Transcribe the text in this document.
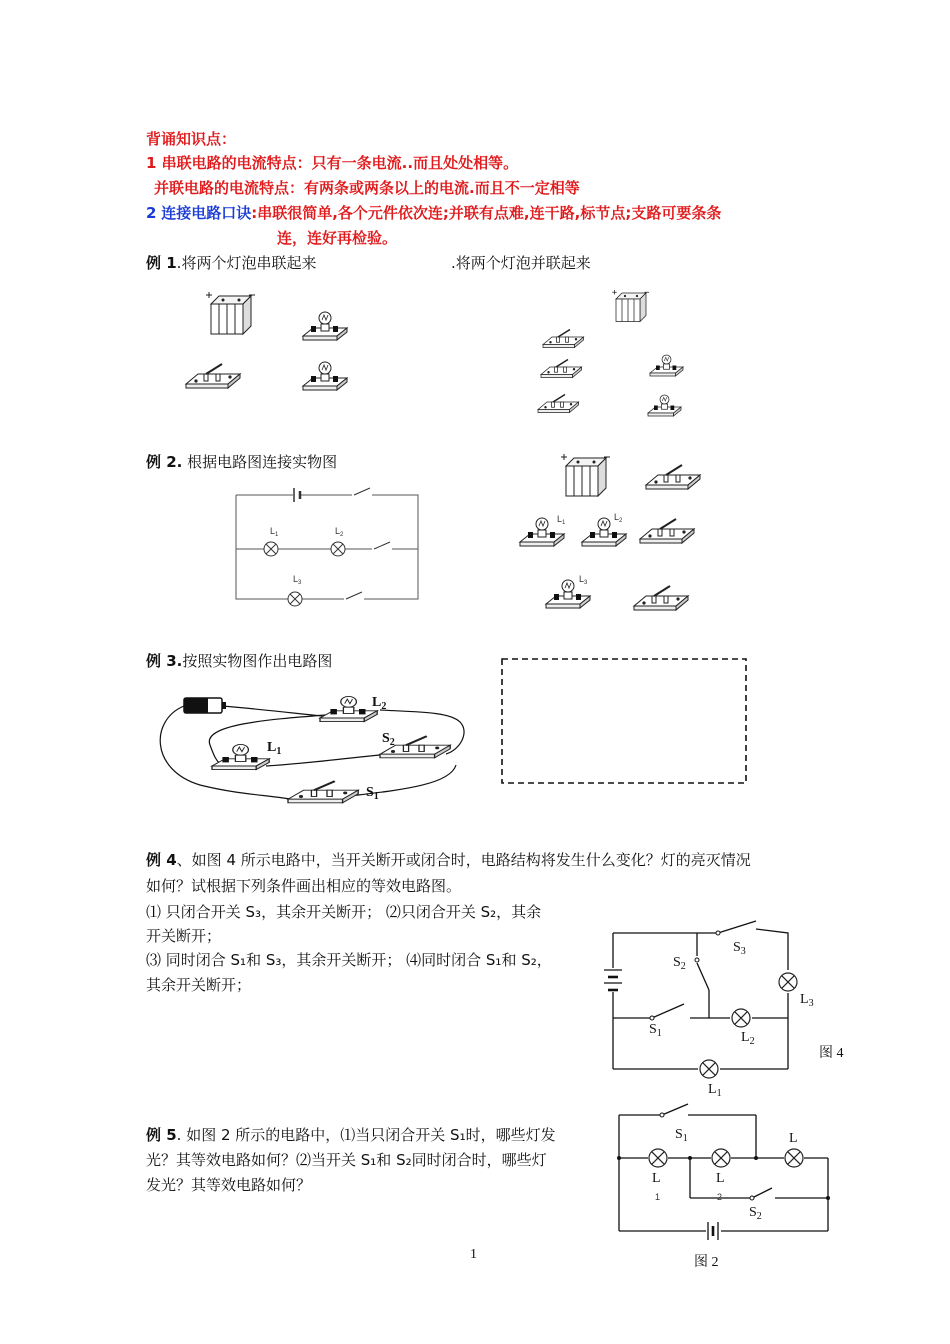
背诵知识点：
1 串联电路的电流特点：只有一条电流..而且处处相等。
并联电路的电流特点：有两条或两条以上的电流.而且不一定相等
2 连接电路口诀:串联很简单,各个元件依次连;并联有点难,连干路,标节点;支路可要条条
连，连好再检验。
例 1.将两个灯泡串联起来	.将两个灯泡并联起来
$L_2$
$L_1$
$S_2$
$S_1$
$S_3$
$S_2$
$L_3$
$S_1$	$L_2$
$L_1$
图 4
$S_1$	L
L
1
L
2
$S_2$
图 2
$L_1$	$L_2$
$L_3$
$L_1$
$L_2$
$L_3$
例 2. 根据电路图连接实物图
例 3.按照实物图作出电路图
例 4、如图 4 所示电路中，当开关断开或闭合时，电路结构将发生什么变化？灯的亮灭情况
如何？试根据下列条件画出相应的等效电路图。
⑴ 只闭合开关 S₃，其余开关断开； ⑵只闭合开关 S₂，其余
开关断开；
⑶ 同时闭合 S₁和 S₃，其余开关断开； ⑷同时闭合 S₁和 S₂，
其余开关断开；
例 5. 如图 2 所示的电路中，⑴当只闭合开关 S₁时，哪些灯发
光？其等效电路如何？⑵当开关 S₁和 S₂同时闭合时，哪些灯
发光？其等效电路如何？
1
